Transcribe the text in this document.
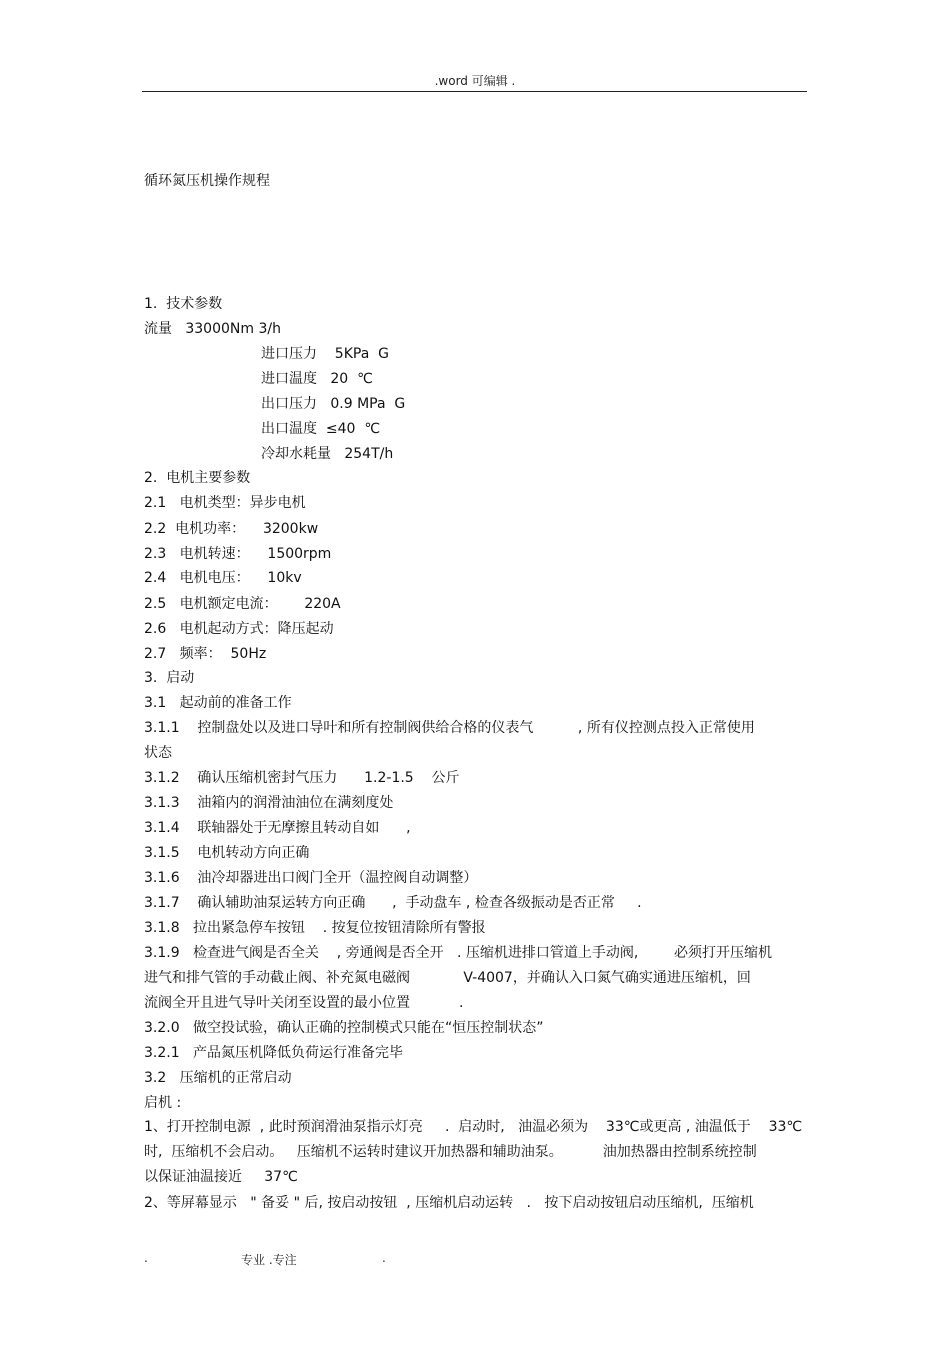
.word 可编辑 .
循环氮压机操作规程
1.  技术参数
流量   33000Nm 3/h
进口压力    5KPa  G
进口温度   20  ℃
出口压力   0.9 MPa  G
出口温度  ≤40  ℃
冷却水耗量   254T/h
2.  电机主要参数
2.1   电机类型：异步电机
2.2  电机功率：    3200kw
2.3   电机转速：    1500rpm
2.4   电机电压：    10kv
2.5   电机额定电流：      220A
2.6   电机起动方式：降压起动
2.7   频率：  50Hz
3.  启动
3.1   起动前的准备工作
3.1.1    控制盘处以及进口导叶和所有控制阀供给合格的仪表气          , 所有仪控测点投入正常使用
状态
3.1.2    确认压缩机密封气压力      1.2-1.5    公斤
3.1.3    油箱内的润滑油油位在满刻度处
3.1.4    联轴器处于无摩擦且转动自如      ,
3.1.5    电机转动方向正确
3.1.6    油冷却器进出口阀门全开（温控阀自动调整）
3.1.7    确认辅助油泵运转方向正确      ,  手动盘车 , 检查各级振动是否正常     .
3.1.8   拉出紧急停车按钮    . 按复位按钮清除所有警报
3.1.9   检查进气阀是否全关    , 旁通阀是否全开   . 压缩机进排口管道上手动阀,        必须打开压缩机
进气和排气管的手动截止阀、补充氮电磁阀            V-4007，并确认入口氮气确实通进压缩机，回
流阀全开且进气导叶关闭至设置的最小位置           .
3.2.0   做空投试验，确认正确的控制模式只能在“恒压控制状态”
3.2.1   产品氮压机降低负荷运行准备完毕
3.2   压缩机的正常启动
启机 :
1、打开控制电源  , 此时预润滑油泵指示灯亮     .  启动时,   油温必须为    33℃或更高 , 油温低于    33℃
时,  压缩机不会启动。   压缩机不运转时建议开加热器和辅助油泵。         油加热器由控制系统控制
以保证油温接近     37℃
2、等屏幕显示   " 备妥 " 后, 按启动按钮  , 压缩机启动运转   .   按下启动按钮启动压缩机,  压缩机
.	专业 .专注	.
